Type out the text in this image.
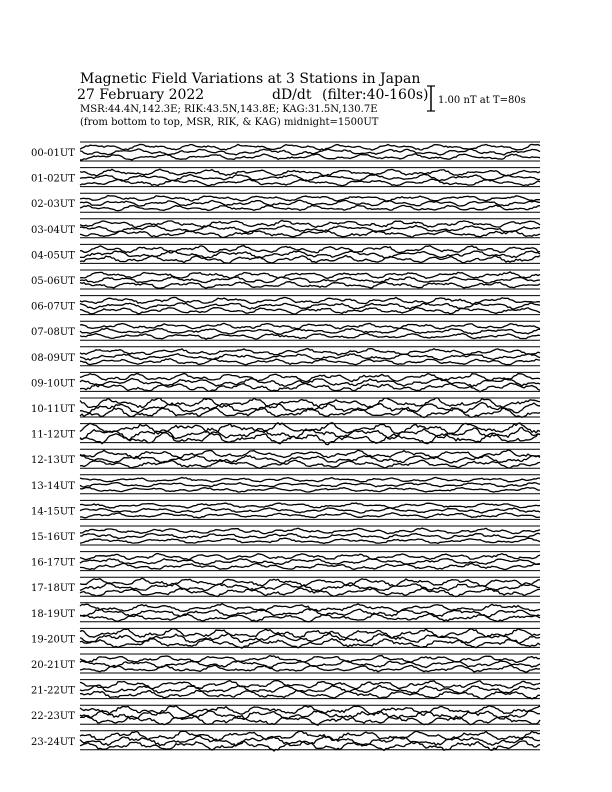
Magnetic Field Variations at 3 Stations in Japan
27 February 2022	dD/dt (filter:40-160s)
MSR:44.4N,142.3E; RIK:43.5N,143.8E; KAG:31.5N,130.7E
(from bottom to top, MSR, RIK, & KAG) midnight=1500UT
1.00 nT at T=80s
00-01UT
01-02UT
02-03UT
03-04UT
04-05UT
05-06UT
06-07UT
07-08UT
08-09UT
09-10UT
10-11UT
11-12UT
12-13UT
13-14UT
14-15UT
15-16UT
16-17UT
17-18UT
18-19UT
19-20UT
20-21UT
21-22UT
22-23UT
23-24UT
